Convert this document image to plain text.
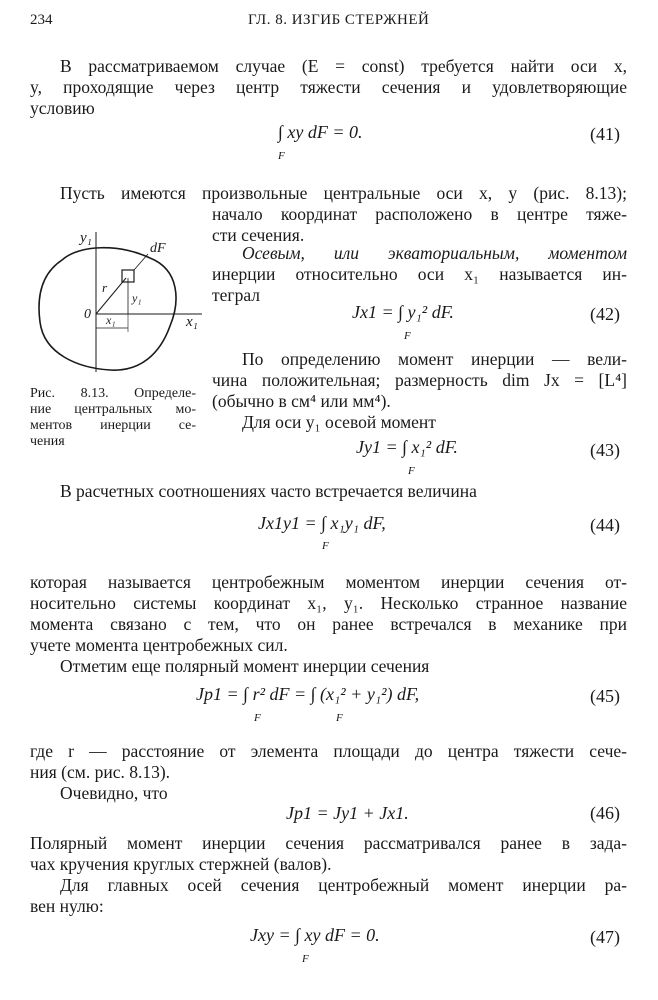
234	ГЛ. 8. ИЗГИБ СТЕРЖНЕЙ
В рассматриваемом случае (E = const) требуется найти оси x,
y, проходящие через центр тяжести сечения и удовлетворяющие
условию
∫ xy dF = 0.
F
(41)
Пусть имеются произвольные центральные оси x, y (рис. 8.13);
начало координат расположено в центре тяже-
сти сечения.
Осевым, или экваториальным, моментом
инерции относительно оси x₁ называется ин-
теграл
Jx1 = ∫ y₁² dF.
F
(42)
По определению момент инерции — вели-
чина положительная; размерность dim Jx = [L⁴]
(обычно в см⁴ или мм⁴).
Для оси y₁ осевой момент
Jy1 = ∫ x₁² dF.
F
(43)
y₁
x₁
0
dF
r
x₁
y₁
Рис. 8.13. Определе-
ние центральных мо-
ментов инерции се-
чения
В расчетных соотношениях часто встречается величина
Jx1y1 = ∫ x₁y₁ dF,
F
(44)
которая называется центробежным моментом инерции сечения от-
носительно системы координат x₁, y₁. Несколько странное название
момента связано с тем, что он ранее встречался в механике при
учете момента центробежных сил.
Отметим еще полярный момент инерции сечения
Jp1 = ∫ r² dF = ∫ (x₁² + y₁²) dF,
F	F
(45)
где r — расстояние от элемента площади до центра тяжести сече-
ния (см. рис. 8.13).
Очевидно, что
Jp1 = Jy1 + Jx1.	(46)
Полярный момент инерции сечения рассматривался ранее в зада-
чах кручения круглых стержней (валов).
Для главных осей сечения центробежный момент инерции ра-
вен нулю:
Jxy = ∫ xy dF = 0.
F
(47)
